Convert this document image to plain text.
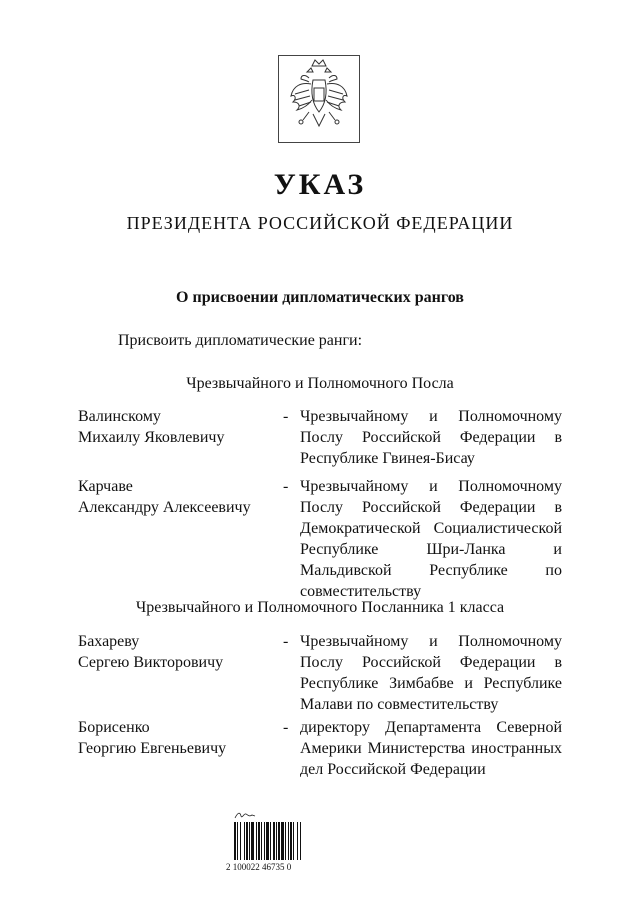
УКАЗ
ПРЕЗИДЕНТА РОССИЙСКОЙ ФЕДЕРАЦИИ
О присвоении дипломатических рангов
Присвоить дипломатические ранги:
Чрезвычайного и Полномочного Посла
Валинскому
Михаилу Яковлевичу
- Чрезвычайному и Полномочному
Послу Российской Федерации в
Республике Гвинея-Бисау
Карчаве
Александру Алексеевичу
- Чрезвычайному и Полномочному
Послу Российской Федерации в
Демократической Социалистической
Республике Шри-Ланка и
Мальдивской Республике по
совместительству
Чрезвычайного и Полномочного Посланника 1 класса
Бахареву
Сергею Викторовичу
- Чрезвычайному и Полномочному
Послу Российской Федерации в
Республике Зимбабве и Республике
Малави по совместительству
Борисенко
Георгию Евгеньевичу
- директору Департамента Северной
Америки Министерства иностранных
дел Российской Федерации
2 100022 46735 0
